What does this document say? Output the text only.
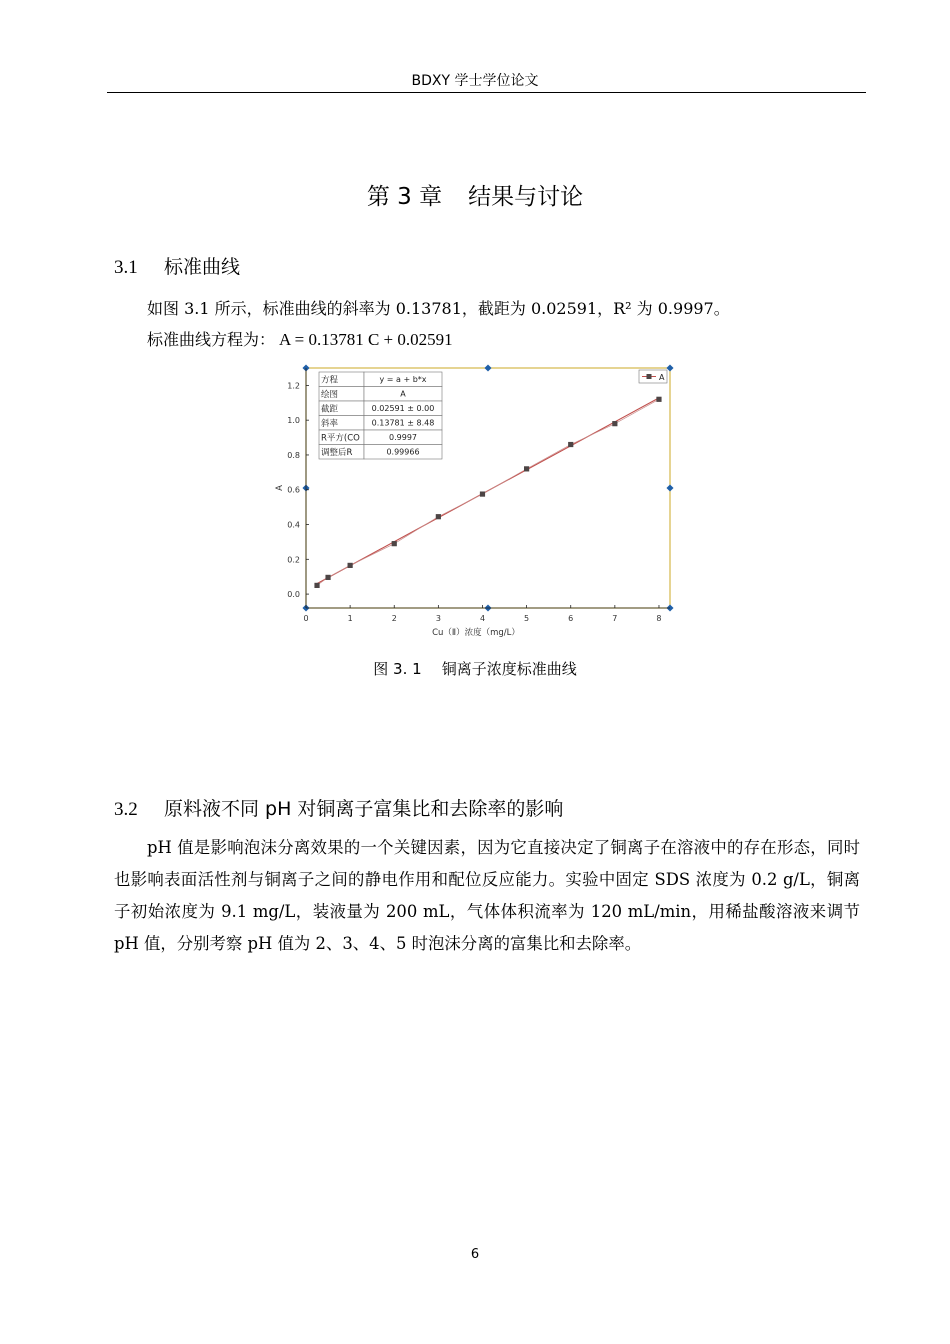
BDXY 学士学位论文
第 3 章 结果与讨论
3.1 标准曲线
如图 3.1 所示，标准曲线的斜率为 0.13781，截距为 0.02591，R² 为 0.9997。
标准曲线方程为： A = 0.13781 C + 0.02591
0.0
0.2
0.4
0.6
0.8
1.0
1.2
0	1	2	3	4	5	6	7	8
Cu（Ⅱ）浓度（mg/L）
A
方程	y = a + b*x
绘图	A
截距	0.02591 ± 0.00
斜率	0.13781 ± 8.48
R平方(CO	0.9997
调整后R	0.99966
A
图 3. 1 铜离子浓度标准曲线
3.2 原料液不同 pH 对铜离子富集比和去除率的影响
pH 值是影响泡沫分离效果的一个关键因素，因为它直接决定了铜离子在溶液中的存在形态，同时也影响表面活性剂与铜离子之间的静电作用和配位反应能力。实验中固定 SDS 浓度为 0.2 g/L，铜离子初始浓度为 9.1 mg/L，装液量为 200 mL，气体体积流率为 120 mL/min，用稀盐酸溶液来调节 pH 值，分别考察 pH 值为 2、3、4、5 时泡沫分离的富集比和去除率。
6
